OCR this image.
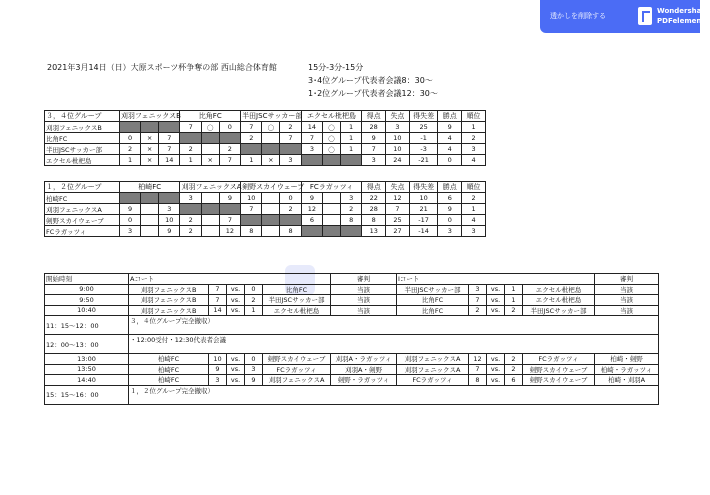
透かしを削除する
Wondershare
PDFelement
2021年3月14日（日）大原スポーツ杯争奪の部 西山総合体育館	15分-3分-15分
3･4位グループ代表者会議8：30～
1･2位グループ代表者会議12：30～
３，４位グループ	刈羽フェニックスB			比角FC			半田JSCサッカー部			エクセル枇杷島			得点	失点	得失差	勝点	順位
刈羽フェニックスB				7	〇	0	7	〇	2	14	〇	1	28	3	25	9	1
比角FC	0	×	7				2		7	7	〇	1	9	10	-1	4	2
半田JSCサッカー部	2	×	7	2		2				3	〇	1	7	10	-3	4	3
エクセル枇杷島	1	×	14	1	×	7	1	×	3				3	24	-21	0	4
１，２位グループ	柏崎FC			刈羽フェニックスA			剣野スカイウェーブ			FCラガッツィ			得点	失点	得失差	勝点	順位
柏崎FC				3		9	10		0	9		3	22	12	10	6	2
刈羽フェニックスA	9		3				7		2	12		2	28	7	21	9	1
剣野スカイウェーブ	0		10	2		7				6		8	8	25	-17	0	4
FCラガッツィ	3		9	2		12	8		8				13	27	-14	3	3
開始時刻	Aコート					審判	Iコート					審判
9:00	刈羽フェニックスB	7	vs.	0	比角FC	当該	半田JSCサッカー部	3	vs.	1	エクセル枇杷島	当該
9:50	刈羽フェニックスB	7	vs.	2	半田JSCサッカー部	当該	比角FC	7	vs.	1	エクセル枇杷島	当該
10:40	刈羽フェニックスB	14	vs.	1	エクセル枇杷島	当該	比角FC	2	vs.	2	半田JSCサッカー部	当該
11：15～12：00	３，４位グループ完全撤収）											
12：00～13：00	・12:00受付・12:30代表者会議											
13:00	柏崎FC	10	vs.	0	剣野スカイウェーブ	刈羽A・ラガッツィ	刈羽フェニックスA	12	vs.	2	FCラガッツィ	柏崎・剣野
13:50	柏崎FC	9	vs.	3	FCラガッツィ	刈羽A・剣野	刈羽フェニックスA	7	vs.	2	剣野スカイウェーブ	柏崎・ラガッツィ
14:40	柏崎FC	3	vs.	9	刈羽フェニックスA	剣野・ラガッツィ	FCラガッツィ	8	vs.	6	剣野スカイウェーブ	柏崎・刈羽A
15：15～16：00	１，２位グループ完全撤収）											
